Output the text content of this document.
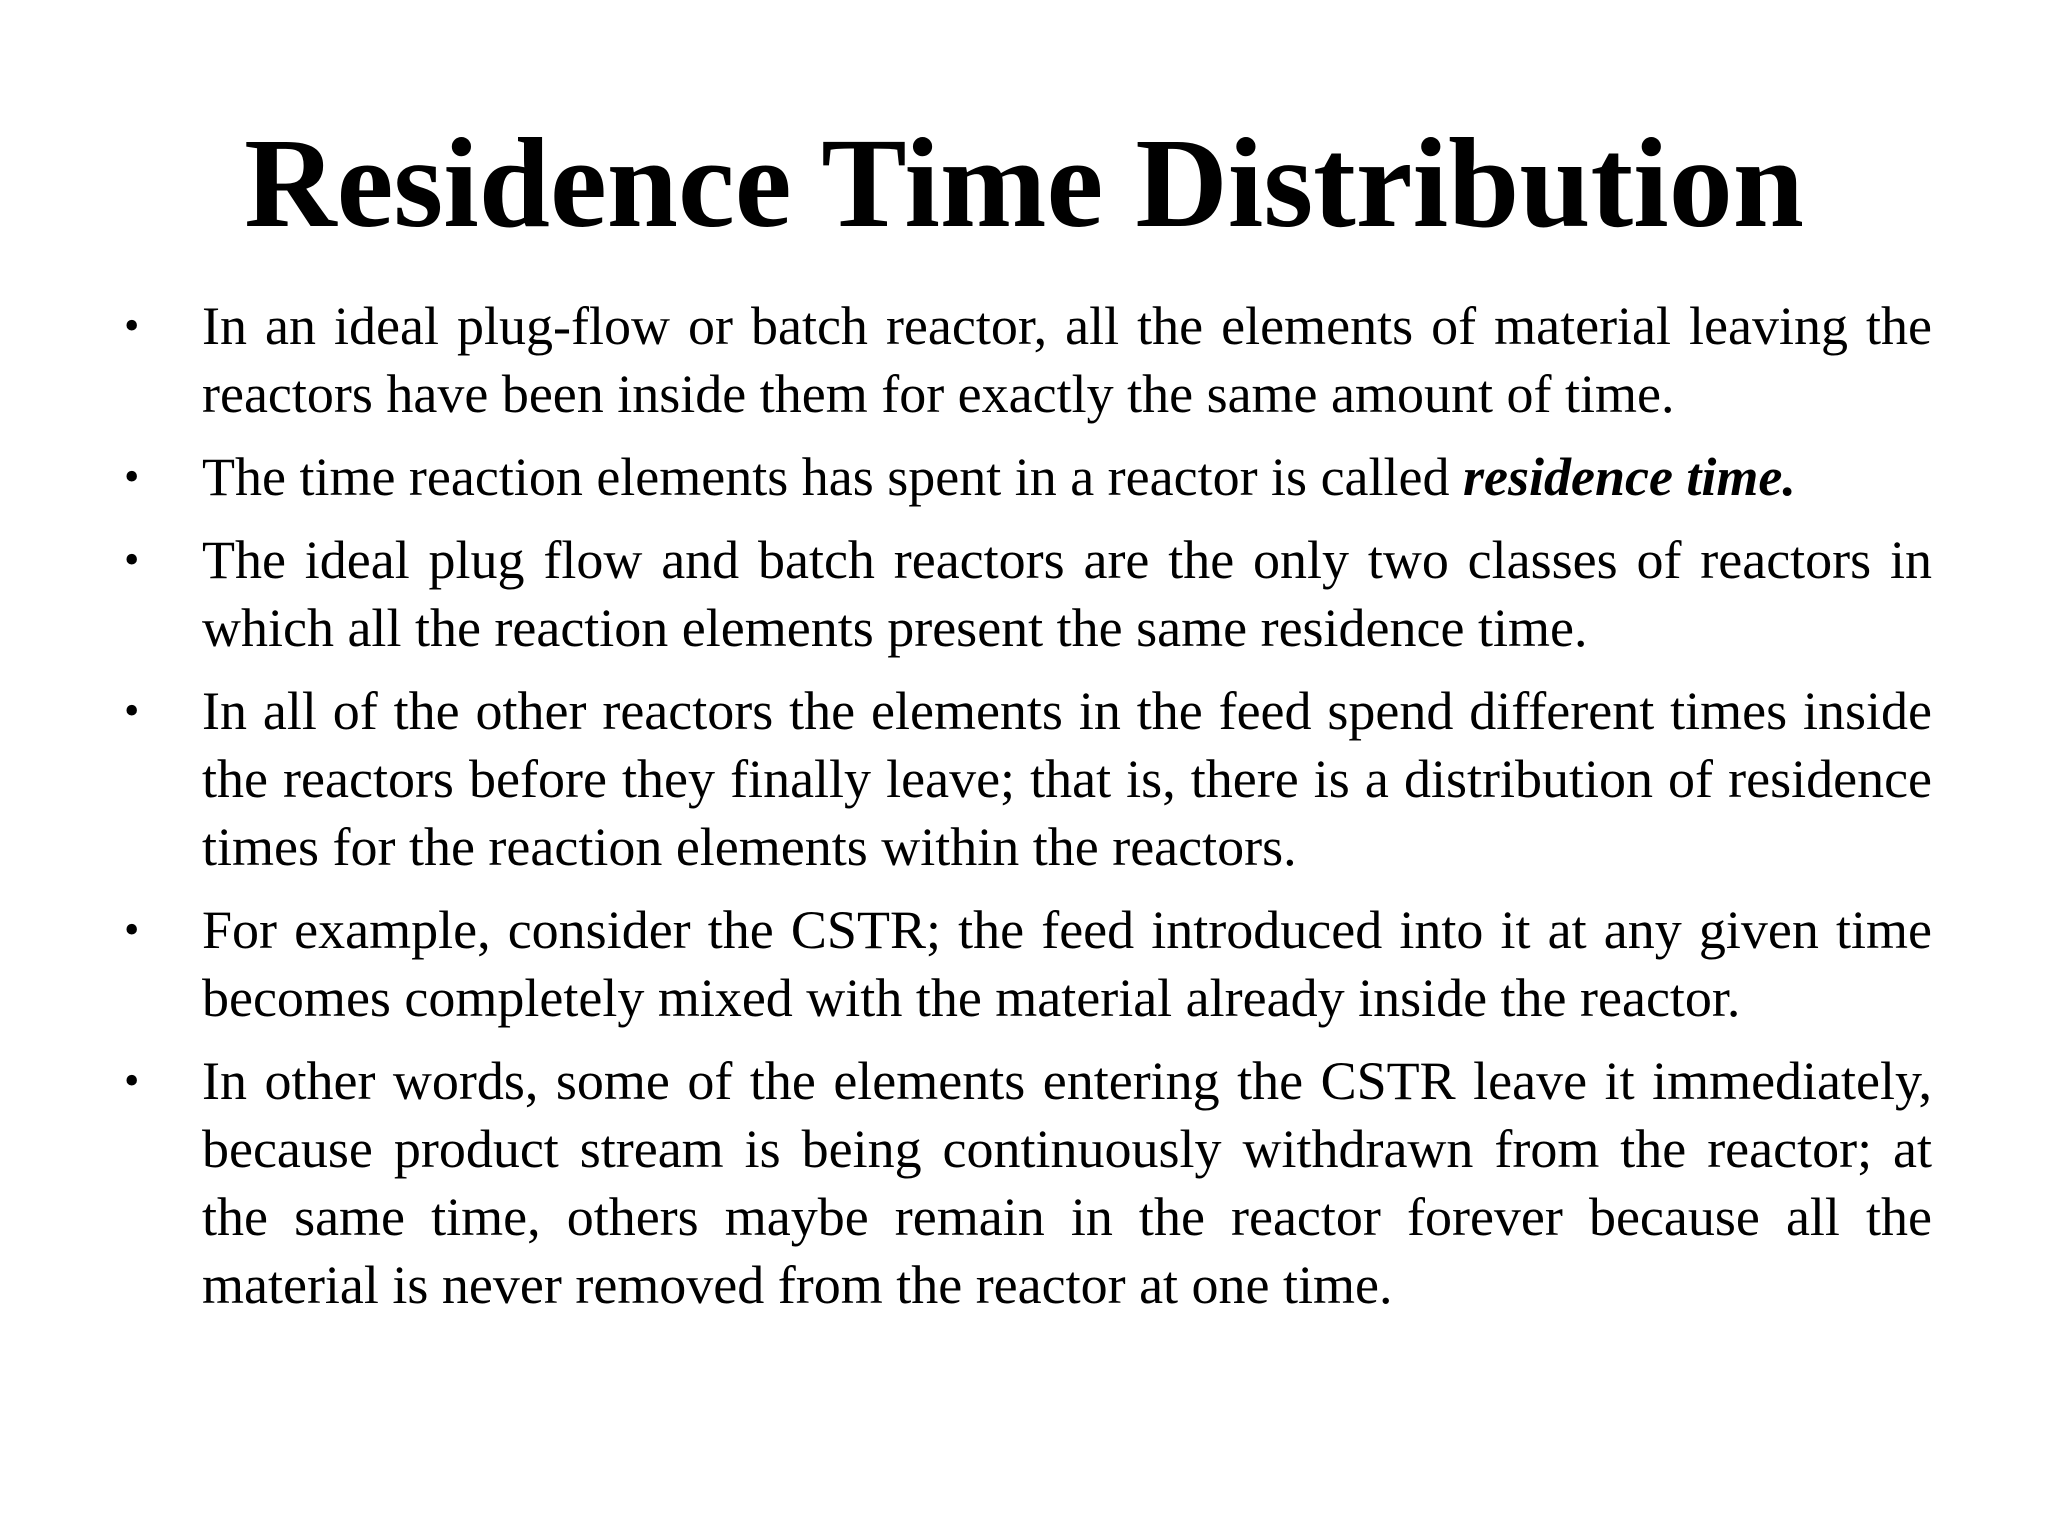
Residence Time Distribution
• In an ideal plug-flow or batch reactor, all the elements of material leaving the reactors have been inside them for exactly the same amount of time.
• The time reaction elements has spent in a reactor is called residence time.
• The ideal plug flow and batch reactors are the only two classes of reactors in which all the reaction elements present the same residence time.
• In all of the other reactors the elements in the feed spend different times inside the reactors before they finally leave; that is, there is a distribution of residence times for the reaction elements within the reactors.
• For example, consider the CSTR; the feed introduced into it at any given time becomes completely mixed with the material already inside the reactor.
• In other words, some of the elements entering the CSTR leave it immediately, because product stream is being continuously withdrawn from the reactor; at the same time, others maybe remain in the reactor forever because all the material is never removed from the reactor at one time.
